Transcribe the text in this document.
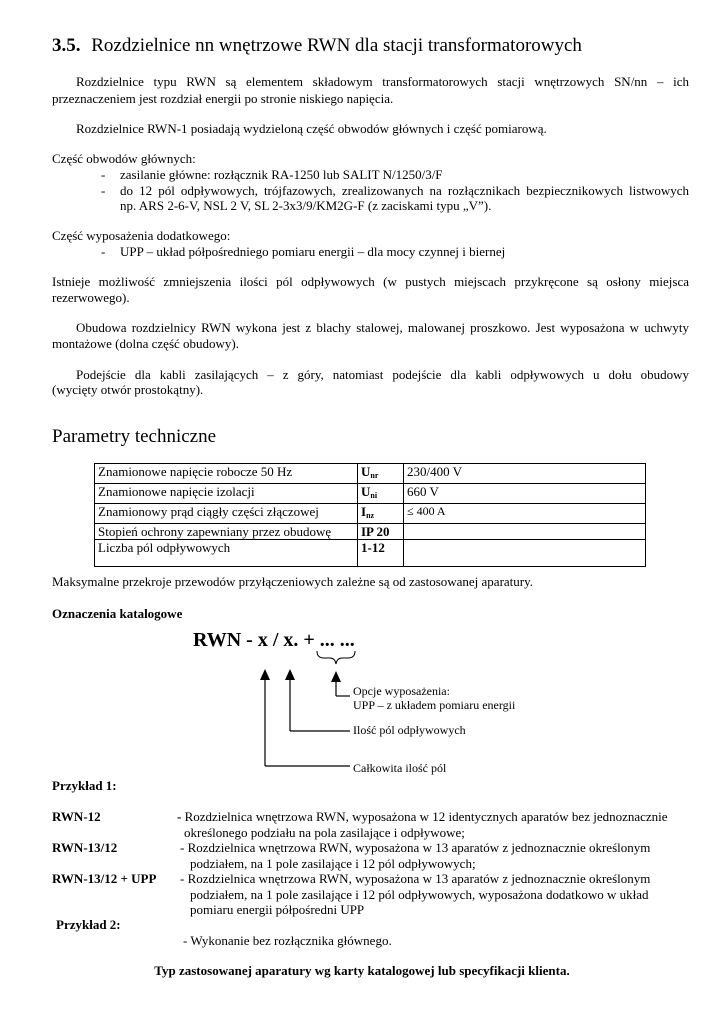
3.5. Rozdzielnice nn wnętrzowe RWN dla stacji transformatorowych
Rozdzielnice typu RWN są elementem składowym transformatorowych stacji wnętrzowych SN/nn – ich
przeznaczeniem jest rozdział energii po stronie niskiego napięcia.
Rozdzielnice RWN-1 posiadają wydzieloną część obwodów głównych i część pomiarową.
Część obwodów głównych:
- zasilanie główne: rozłącznik RA-1250 lub SALIT N/1250/3/F
- do 12 pól odpływowych, trójfazowych, zrealizowanych na rozłącznikach bezpiecznikowych listwowych
np. ARS 2-6-V, NSL 2 V, SL 2-3x3/9/KM2G-F (z zaciskami typu „V”).
Część wyposażenia dodatkowego:
- UPP – układ półpośredniego pomiaru energii – dla mocy czynnej i biernej
Istnieje możliwość zmniejszenia ilości pól odpływowych (w pustych miejscach przykręcone są osłony miejsca
rezerwowego).
Obudowa rozdzielnicy RWN wykona jest z blachy stalowej, malowanej proszkowo. Jest wyposażona w uchwyty
montażowe (dolna część obudowy).
Podejście dla kabli zasilających – z góry, natomiast podejście dla kabli odpływowych u dołu obudowy
(wycięty otwór prostokątny).
Parametry techniczne
Znamionowe napięcie robocze 50 Hz	$U_{nr}$	230/400 V
Znamionowe napięcie izolacji	$U_{ni}$	660 V
Znamionowy prąd ciągły części złączowej	$I_{nz}$	≤ 400 A
Stopień ochrony zapewniany przez obudowę	IP 20	
Liczba pól odpływowych	1-12	
Maksymalne przekroje przewodów przyłączeniowych zależne są od zastosowanej aparatury.
Oznaczenia katalogowe
RWN - x / x. + ... ...
Opcje wyposażenia:
UPP – z układem pomiaru energii
Ilość pól odpływowych
Całkowita ilość pól
Przykład 1:
RWN-12	- Rozdzielnica wnętrzowa RWN, wyposażona w 12 identycznych aparatów bez jednoznacznie
określonego podziału na pola zasilające i odpływowe;
RWN-13/12	- Rozdzielnica wnętrzowa RWN, wyposażona w 13 aparatów z jednoznacznie określonym
podziałem, na 1 pole zasilające i 12 pól odpływowych;
RWN-13/12 + UPP - Rozdzielnica wnętrzowa RWN, wyposażona w 13 aparatów z jednoznacznie określonym
podziałem, na 1 pole zasilające i 12 pól odpływowych, wyposażona dodatkowo w układ
pomiaru energii półpośredni UPP
Przykład 2:
- Wykonanie bez rozłącznika głównego.
Typ zastosowanej aparatury wg karty katalogowej lub specyfikacji klienta.
